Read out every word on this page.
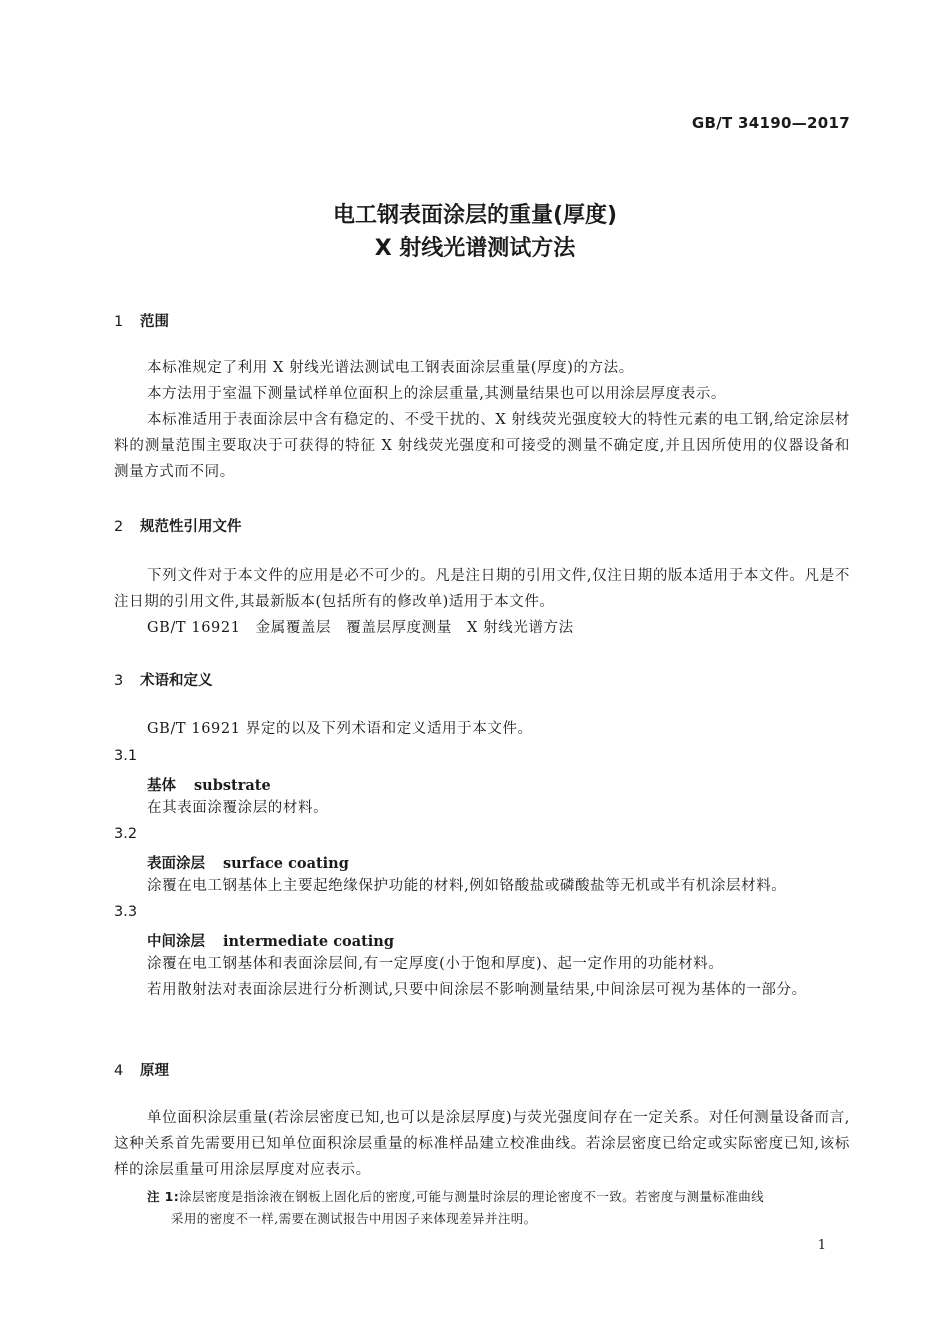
GB/T 34190—2017
电工钢表面涂层的重量(厚度)
X 射线光谱测试方法
1 范围
本标准规定了利用 X 射线光谱法测试电工钢表面涂层重量(厚度)的方法。
本方法用于室温下测量试样单位面积上的涂层重量,其测量结果也可以用涂层厚度表示。
本标准适用于表面涂层中含有稳定的、不受干扰的、X 射线荧光强度较大的特性元素的电工钢,给定涂层材料的测量范围主要取决于可获得的特征 X 射线荧光强度和可接受的测量不确定度,并且因所使用的仪器设备和测量方式而不同。
2 规范性引用文件
下列文件对于本文件的应用是必不可少的。凡是注日期的引用文件,仅注日期的版本适用于本文件。凡是不注日期的引用文件,其最新版本(包括所有的修改单)适用于本文件。
GB/T 16921　金属覆盖层　覆盖层厚度测量　X 射线光谱方法
3 术语和定义
GB/T 16921 界定的以及下列术语和定义适用于本文件。
3.1
基体 substrate
在其表面涂覆涂层的材料。
3.2
表面涂层 surface coating
涂覆在电工钢基体上主要起绝缘保护功能的材料,例如铬酸盐或磷酸盐等无机或半有机涂层材料。
3.3
中间涂层 intermediate coating
涂覆在电工钢基体和表面涂层间,有一定厚度(小于饱和厚度)、起一定作用的功能材料。
若用散射法对表面涂层进行分析测试,只要中间涂层不影响测量结果,中间涂层可视为基体的一部分。
4 原理
单位面积涂层重量(若涂层密度已知,也可以是涂层厚度)与荧光强度间存在一定关系。对任何测量设备而言,这种关系首先需要用已知单位面积涂层重量的标准样品建立校准曲线。若涂层密度已给定或实际密度已知,该标样的涂层重量可用涂层厚度对应表示。
注 1:涂层密度是指涂液在钢板上固化后的密度,可能与测量时涂层的理论密度不一致。若密度与测量标准曲线
采用的密度不一样,需要在测试报告中用因子来体现差异并注明。
1
